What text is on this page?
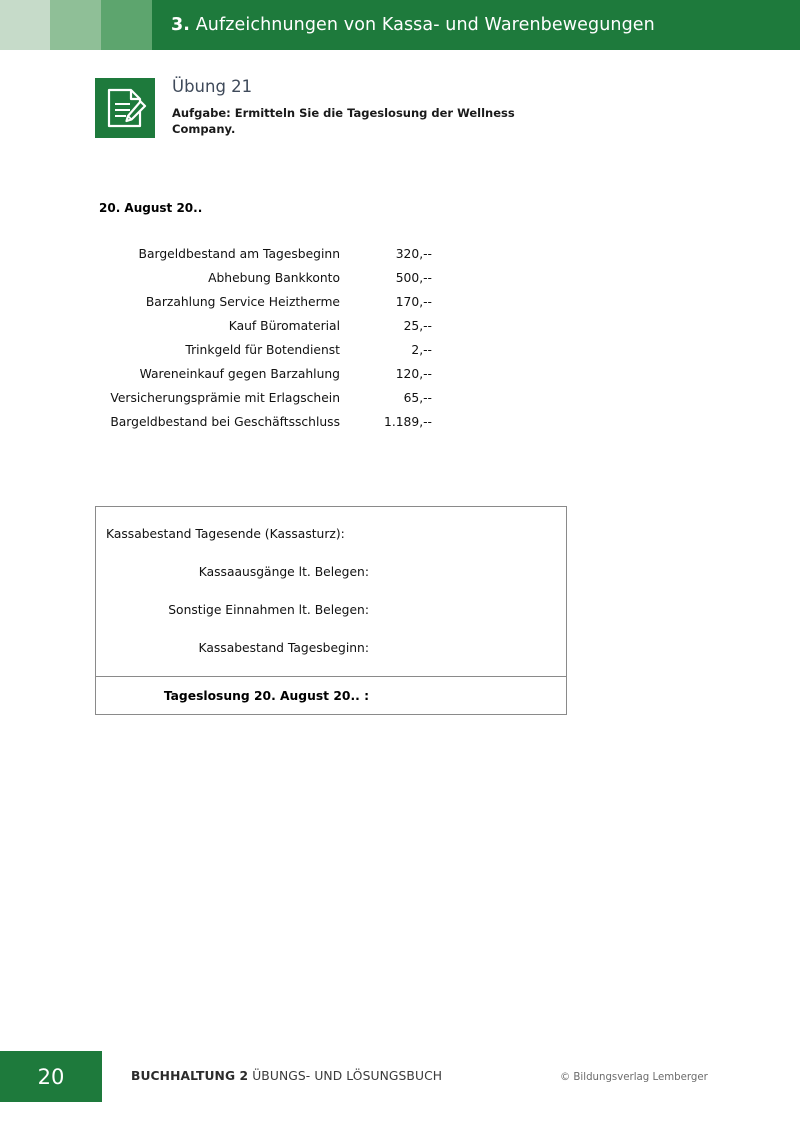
3. Aufzeichnungen von Kassa- und Warenbewegungen
Übung 21
Aufgabe: Ermitteln Sie die Tageslosung der Wellness Company.
20. August 20..
Bargeldbestand am Tagesbeginn	320,--
Abhebung Bankkonto	500,--
Barzahlung Service Heiztherme	170,--
Kauf Büromaterial	25,--
Trinkgeld für Botendienst	2,--
Wareneinkauf gegen Barzahlung	120,--
Versicherungsprämie mit Erlagschein	65,--
Bargeldbestand bei Geschäftsschluss	1.189,--
Kassabestand Tagesende (Kassasturz):
Kassaausgänge lt. Belegen:
Sonstige Einnahmen lt. Belegen:
Kassabestand Tagesbeginn:
Tageslosung 20. August 20.. :
20	BUCHHALTUNG 2 ÜBUNGS- UND LÖSUNGSBUCH	© Bildungsverlag Lemberger
